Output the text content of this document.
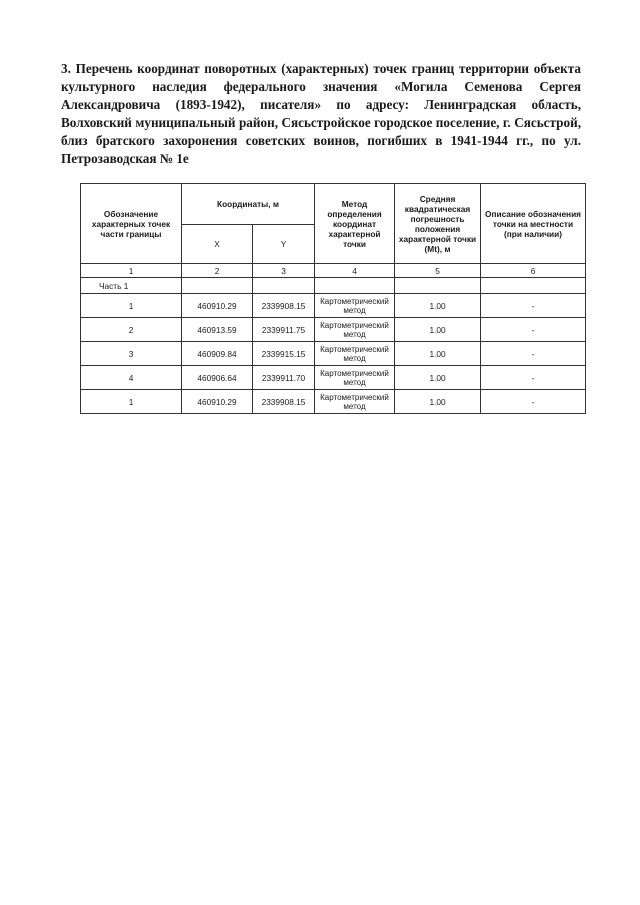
3. Перечень координат поворотных (характерных) точек границ территории объекта культурного наследия федерального значения «Могила Семенова Сергея Александровича (1893-1942), писателя» по адресу: Ленинградская область, Волховский муниципальный район, Сясьстройское городское поселение, г. Сясьстрой, близ братского захоронения советских воинов, погибших в 1941-1944 гг., по ул. Петрозаводская № 1е
Обозначение характерных точек части границы	Координаты, м		Метод определения координат характерной точки	Средняя квадратическая погрешность положения характерной точки (Mt), м	Описание обозначения точки на местности (при наличии)
	X	Y			
1	2	3	4	5	6
Часть 1					
1	460910.29	2339908.15	Картометрический метод	1.00	-
2	460913.59	2339911.75	Картометрический метод	1.00	-
3	460909.84	2339915.15	Картометрический метод	1.00	-
4	460906.64	2339911.70	Картометрический метод	1.00	-
1	460910.29	2339908.15	Картометрический метод	1.00	-
